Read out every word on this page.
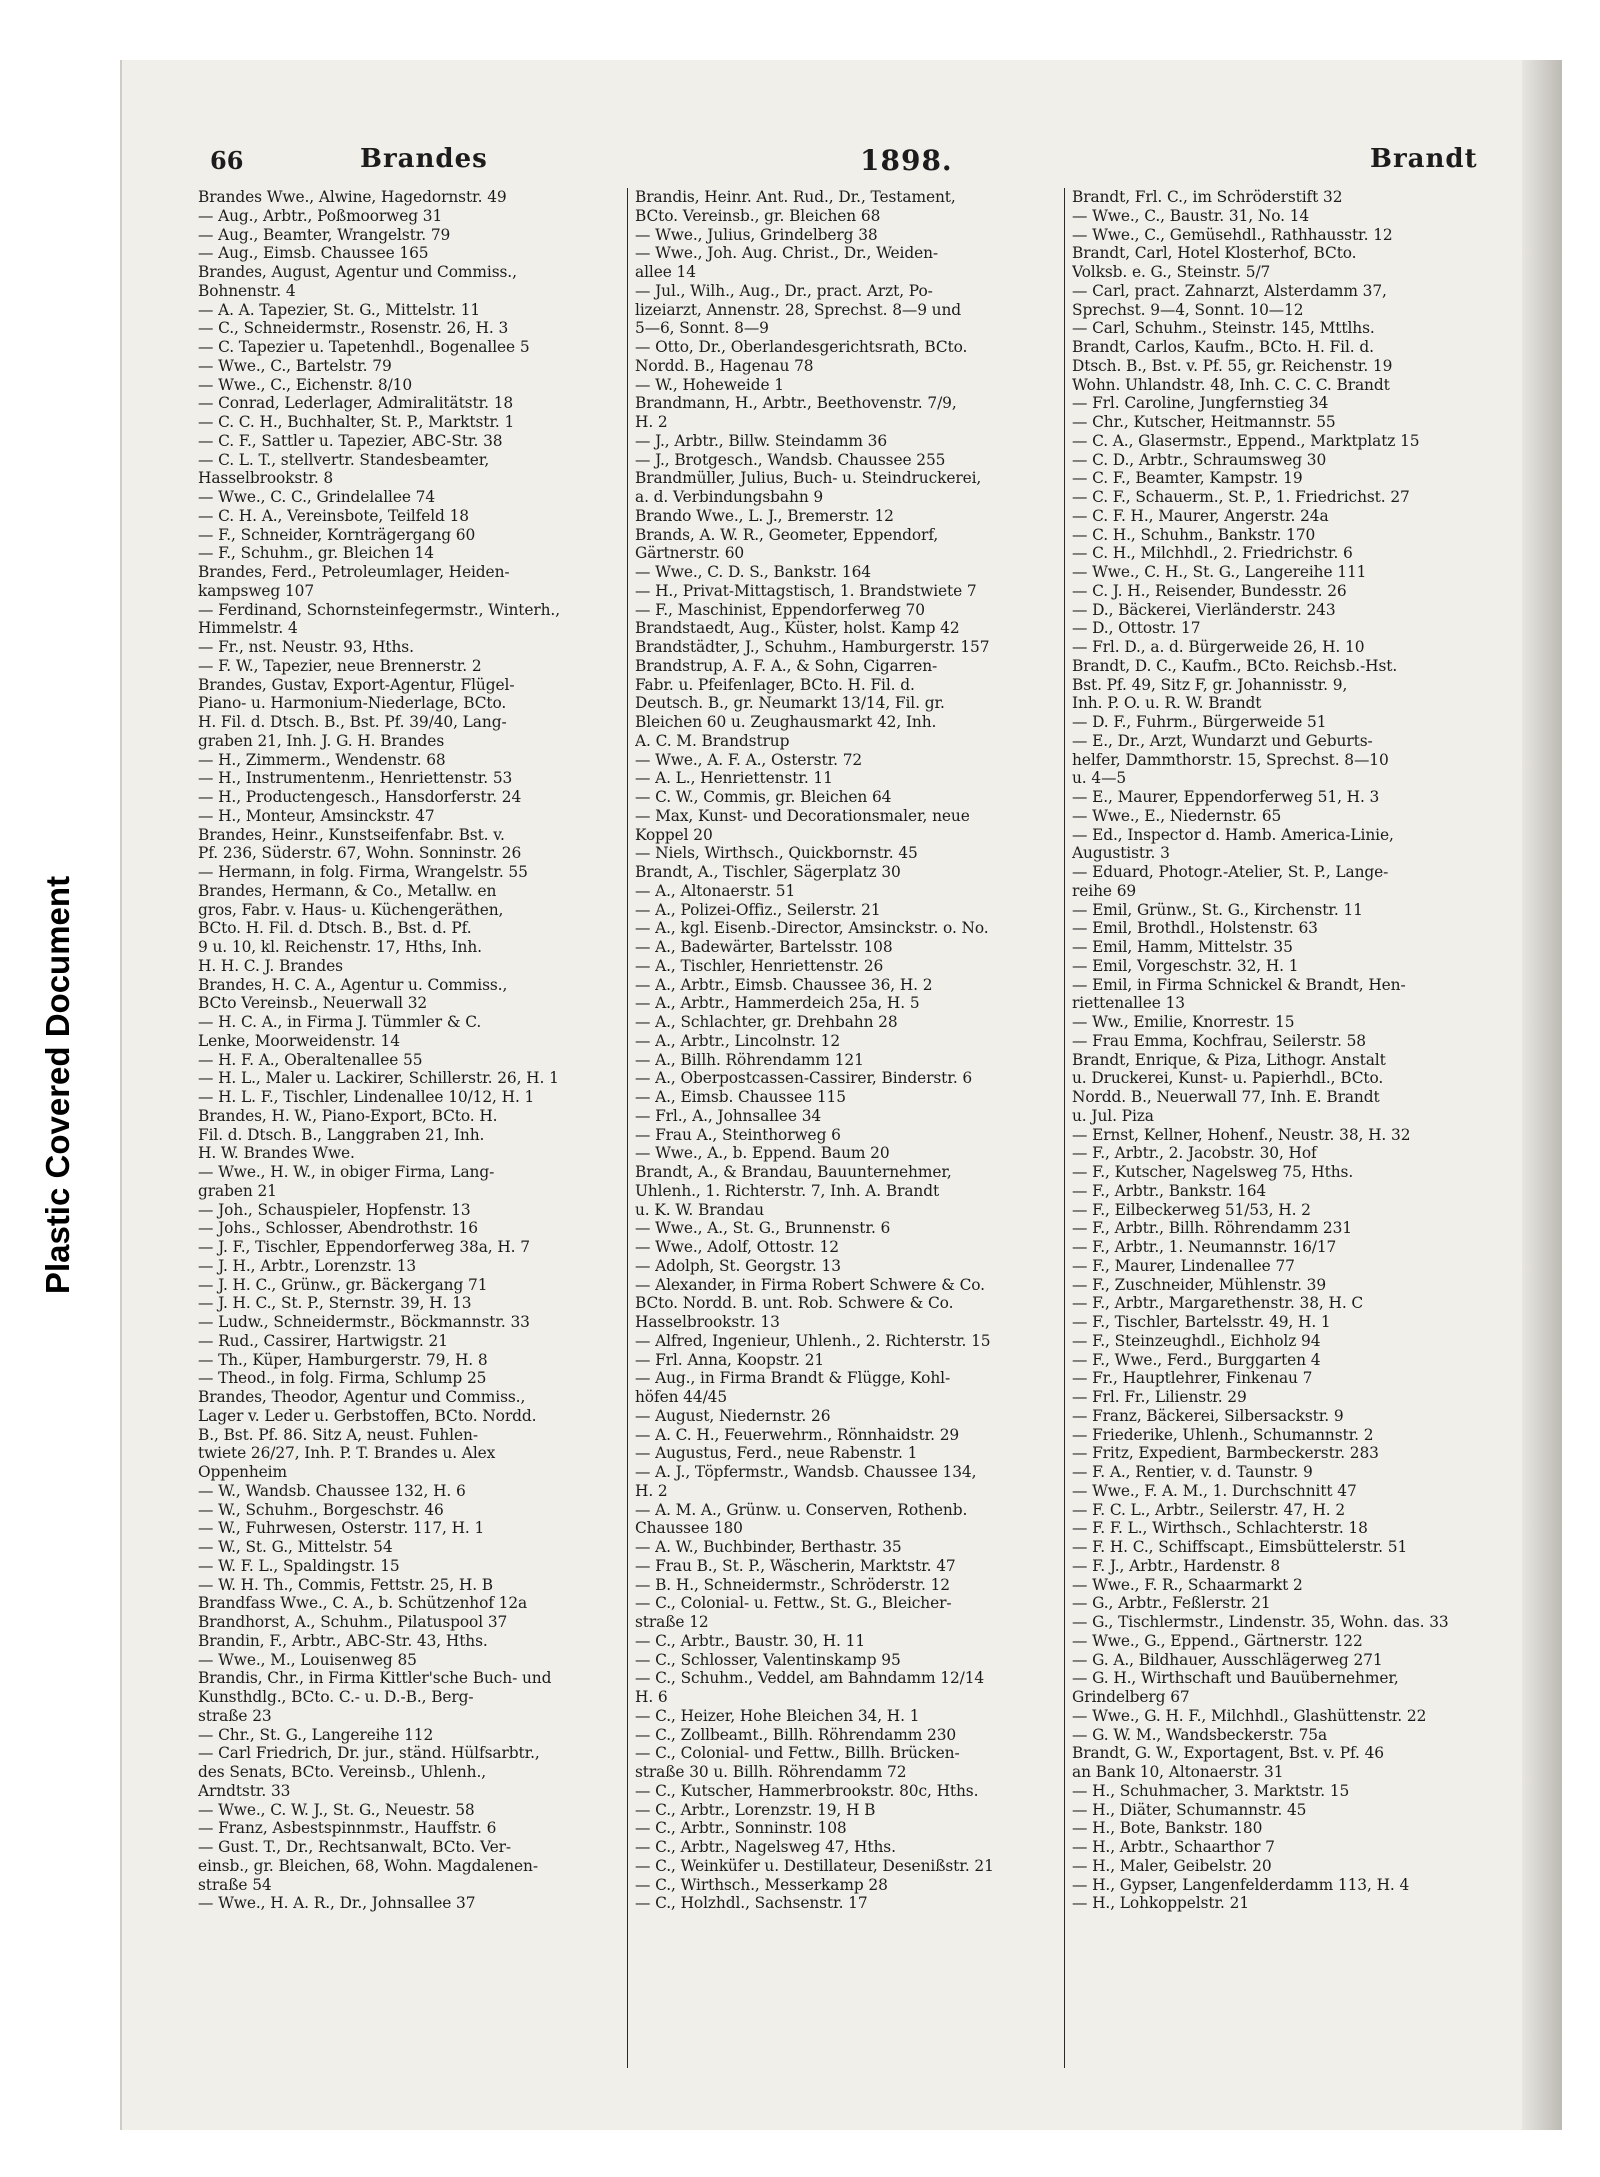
Plastic Covered Document
66	Brandes	1898.	Brandt
Brandes Wwe., Alwine, Hagedornstr. 49
— Aug., Arbtr., Poßmoorweg 31
— Aug., Beamter, Wrangelstr. 79
— Aug., Eimsb. Chaussee 165
Brandes, August, Agentur und Commiss.,
Bohnenstr. 4
— A. A. Tapezier, St. G., Mittelstr. 11
— C., Schneidermstr., Rosenstr. 26, H. 3
— C. Tapezier u. Tapetenhdl., Bogenallee 5
— Wwe., C., Bartelstr. 79
— Wwe., C., Eichenstr. 8/10
— Conrad, Lederlager, Admiralitätstr. 18
— C. C. H., Buchhalter, St. P., Marktstr. 1
— C. F., Sattler u. Tapezier, ABC-Str. 38
— C. L. T., stellvertr. Standesbeamter,
Hasselbrookstr. 8
— Wwe., C. C., Grindelallee 74
— C. H. A., Vereinsbote, Teilfeld 18
— F., Schneider, Kornträgergang 60
— F., Schuhm., gr. Bleichen 14
Brandes, Ferd., Petroleumlager, Heiden-
kampsweg 107
— Ferdinand, Schornsteinfegermstr., Winterh.,
Himmelstr. 4
— Fr., nst. Neustr. 93, Hths.
— F. W., Tapezier, neue Brennerstr. 2
Brandes, Gustav, Export-Agentur, Flügel-
Piano- u. Harmonium-Niederlage, BCto.
H. Fil. d. Dtsch. B., Bst. Pf. 39/40, Lang-
graben 21, Inh. J. G. H. Brandes
— H., Zimmerm., Wendenstr. 68
— H., Instrumentenm., Henriettenstr. 53
— H., Productengesch., Hansdorferstr. 24
— H., Monteur, Amsinckstr. 47
Brandes, Heinr., Kunstseifenfabr. Bst. v.
Pf. 236, Süderstr. 67, Wohn. Sonninstr. 26
— Hermann, in folg. Firma, Wrangelstr. 55
Brandes, Hermann, & Co., Metallw. en
gros, Fabr. v. Haus- u. Küchengeräthen,
BCto. H. Fil. d. Dtsch. B., Bst. d. Pf.
9 u. 10, kl. Reichenstr. 17, Hths, Inh.
H. H. C. J. Brandes
Brandes, H. C. A., Agentur u. Commiss.,
BCto Vereinsb., Neuerwall 32
— H. C. A., in Firma J. Tümmler & C.
Lenke, Moorweidenstr. 14
— H. F. A., Oberaltenallee 55
— H. L., Maler u. Lackirer, Schillerstr. 26, H. 1
— H. L. F., Tischler, Lindenallee 10/12, H. 1
Brandes, H. W., Piano-Export, BCto. H.
Fil. d. Dtsch. B., Langgraben 21, Inh.
H. W. Brandes Wwe.
— Wwe., H. W., in obiger Firma, Lang-
graben 21
— Joh., Schauspieler, Hopfenstr. 13
— Johs., Schlosser, Abendrothstr. 16
— J. F., Tischler, Eppendorferweg 38a, H. 7
— J. H., Arbtr., Lorenzstr. 13
— J. H. C., Grünw., gr. Bäckergang 71
— J. H. C., St. P., Sternstr. 39, H. 13
— Ludw., Schneidermstr., Böckmannstr. 33
— Rud., Cassirer, Hartwigstr. 21
— Th., Küper, Hamburgerstr. 79, H. 8
— Theod., in folg. Firma, Schlump 25
Brandes, Theodor, Agentur und Commiss.,
Lager v. Leder u. Gerbstoffen, BCto. Nordd.
B., Bst. Pf. 86. Sitz A, neust. Fuhlen-
twiete 26/27, Inh. P. T. Brandes u. Alex
Oppenheim
— W., Wandsb. Chaussee 132, H. 6
— W., Schuhm., Borgeschstr. 46
— W., Fuhrwesen, Osterstr. 117, H. 1
— W., St. G., Mittelstr. 54
— W. F. L., Spaldingstr. 15
— W. H. Th., Commis, Fettstr. 25, H. B
Brandfass Wwe., C. A., b. Schützenhof 12a
Brandhorst, A., Schuhm., Pilatuspool 37
Brandin, F., Arbtr., ABC-Str. 43, Hths.
— Wwe., M., Louisenweg 85
Brandis, Chr., in Firma Kittler'sche Buch- und
Kunsthdlg., BCto. C.- u. D.-B., Berg-
straße 23
— Chr., St. G., Langereihe 112
— Carl Friedrich, Dr. jur., ständ. Hülfsarbtr.,
des Senats, BCto. Vereinsb., Uhlenh.,
Arndtstr. 33
— Wwe., C. W. J., St. G., Neuestr. 58
— Franz, Asbestspinnmstr., Hauffstr. 6
— Gust. T., Dr., Rechtsanwalt, BCto. Ver-
einsb., gr. Bleichen, 68, Wohn. Magdalenen-
straße 54
— Wwe., H. A. R., Dr., Johnsallee 37
Brandis, Heinr. Ant. Rud., Dr., Testament,
BCto. Vereinsb., gr. Bleichen 68
— Wwe., Julius, Grindelberg 38
— Wwe., Joh. Aug. Christ., Dr., Weiden-
allee 14
— Jul., Wilh., Aug., Dr., pract. Arzt, Po-
lizeiarzt, Annenstr. 28, Sprechst. 8—9 und
5—6, Sonnt. 8—9
— Otto, Dr., Oberlandesgerichtsrath, BCto.
Nordd. B., Hagenau 78
— W., Hoheweide 1
Brandmann, H., Arbtr., Beethovenstr. 7/9,
H. 2
— J., Arbtr., Billw. Steindamm 36
— J., Brotgesch., Wandsb. Chaussee 255
Brandmüller, Julius, Buch- u. Steindruckerei,
a. d. Verbindungsbahn 9
Brando Wwe., L. J., Bremerstr. 12
Brands, A. W. R., Geometer, Eppendorf,
Gärtnerstr. 60
— Wwe., C. D. S., Bankstr. 164
— H., Privat-Mittagstisch, 1. Brandstwiete 7
— F., Maschinist, Eppendorferweg 70
Brandstaedt, Aug., Küster, holst. Kamp 42
Brandstädter, J., Schuhm., Hamburgerstr. 157
Brandstrup, A. F. A., & Sohn, Cigarren-
Fabr. u. Pfeifenlager, BCto. H. Fil. d.
Deutsch. B., gr. Neumarkt 13/14, Fil. gr.
Bleichen 60 u. Zeughausmarkt 42, Inh.
A. C. M. Brandstrup
— Wwe., A. F. A., Osterstr. 72
— A. L., Henriettenstr. 11
— C. W., Commis, gr. Bleichen 64
— Max, Kunst- und Decorationsmaler, neue
Koppel 20
— Niels, Wirthsch., Quickbornstr. 45
Brandt, A., Tischler, Sägerplatz 30
— A., Altonaerstr. 51
— A., Polizei-Offiz., Seilerstr. 21
— A., kgl. Eisenb.-Director, Amsinckstr. o. No.
— A., Badewärter, Bartelsstr. 108
— A., Tischler, Henriettenstr. 26
— A., Arbtr., Eimsb. Chaussee 36, H. 2
— A., Arbtr., Hammerdeich 25a, H. 5
— A., Schlachter, gr. Drehbahn 28
— A., Arbtr., Lincolnstr. 12
— A., Billh. Röhrendamm 121
— A., Oberpostcassen-Cassirer, Binderstr. 6
— A., Eimsb. Chaussee 115
— Frl., A., Johnsallee 34
— Frau A., Steinthorweg 6
— Wwe., A., b. Eppend. Baum 20
Brandt, A., & Brandau, Bauunternehmer,
Uhlenh., 1. Richterstr. 7, Inh. A. Brandt
u. K. W. Brandau
— Wwe., A., St. G., Brunnenstr. 6
— Wwe., Adolf, Ottostr. 12
— Adolph, St. Georgstr. 13
— Alexander, in Firma Robert Schwere & Co.
BCto. Nordd. B. unt. Rob. Schwere & Co.
Hasselbrookstr. 13
— Alfred, Ingenieur, Uhlenh., 2. Richterstr. 15
— Frl. Anna, Koopstr. 21
— Aug., in Firma Brandt & Flügge, Kohl-
höfen 44/45
— August, Niedernstr. 26
— A. C. H., Feuerwehrm., Rönnhaidstr. 29
— Augustus, Ferd., neue Rabenstr. 1
— A. J., Töpfermstr., Wandsb. Chaussee 134,
H. 2
— A. M. A., Grünw. u. Conserven, Rothenb.
Chaussee 180
— A. W., Buchbinder, Berthastr. 35
— Frau B., St. P., Wäscherin, Marktstr. 47
— B. H., Schneidermstr., Schröderstr. 12
— C., Colonial- u. Fettw., St. G., Bleicher-
straße 12
— C., Arbtr., Baustr. 30, H. 11
— C., Schlosser, Valentinskamp 95
— C., Schuhm., Veddel, am Bahndamm 12/14
H. 6
— C., Heizer, Hohe Bleichen 34, H. 1
— C., Zollbeamt., Billh. Röhrendamm 230
— C., Colonial- und Fettw., Billh. Brücken-
straße 30 u. Billh. Röhrendamm 72
— C., Kutscher, Hammerbrookstr. 80c, Hths.
— C., Arbtr., Lorenzstr. 19, H B
— C., Arbtr., Sonninstr. 108
— C., Arbtr., Nagelsweg 47, Hths.
— C., Weinküfer u. Destillateur, Desenißstr. 21
— C., Wirthsch., Messerkamp 28
— C., Holzhdl., Sachsenstr. 17
Brandt, Frl. C., im Schröderstift 32
— Wwe., C., Baustr. 31, No. 14
— Wwe., C., Gemüsehdl., Rathhausstr. 12
Brandt, Carl, Hotel Klosterhof, BCto.
Volksb. e. G., Steinstr. 5/7
— Carl, pract. Zahnarzt, Alsterdamm 37,
Sprechst. 9—4, Sonnt. 10—12
— Carl, Schuhm., Steinstr. 145, Mttlhs.
Brandt, Carlos, Kaufm., BCto. H. Fil. d.
Dtsch. B., Bst. v. Pf. 55, gr. Reichenstr. 19
Wohn. Uhlandstr. 48, Inh. C. C. C. Brandt
— Frl. Caroline, Jungfernstieg 34
— Chr., Kutscher, Heitmannstr. 55
— C. A., Glasermstr., Eppend., Marktplatz 15
— C. D., Arbtr., Schraumsweg 30
— C. F., Beamter, Kampstr. 19
— C. F., Schauerm., St. P., 1. Friedrichst. 27
— C. F. H., Maurer, Angerstr. 24a
— C. H., Schuhm., Bankstr. 170
— C. H., Milchhdl., 2. Friedrichstr. 6
— Wwe., C. H., St. G., Langereihe 111
— C. J. H., Reisender, Bundesstr. 26
— D., Bäckerei, Vierländerstr. 243
— D., Ottostr. 17
— Frl. D., a. d. Bürgerweide 26, H. 10
Brandt, D. C., Kaufm., BCto. Reichsb.-Hst.
Bst. Pf. 49, Sitz F, gr. Johannisstr. 9,
Inh. P. O. u. R. W. Brandt
— D. F., Fuhrm., Bürgerweide 51
— E., Dr., Arzt, Wundarzt und Geburts-
helfer, Dammthorstr. 15, Sprechst. 8—10
u. 4—5
— E., Maurer, Eppendorferweg 51, H. 3
— Wwe., E., Niedernstr. 65
— Ed., Inspector d. Hamb. America-Linie,
Augustistr. 3
— Eduard, Photogr.-Atelier, St. P., Lange-
reihe 69
— Emil, Grünw., St. G., Kirchenstr. 11
— Emil, Brothdl., Holstenstr. 63
— Emil, Hamm, Mittelstr. 35
— Emil, Vorgeschstr. 32, H. 1
— Emil, in Firma Schnickel & Brandt, Hen-
riettenallee 13
— Ww., Emilie, Knorrestr. 15
— Frau Emma, Kochfrau, Seilerstr. 58
Brandt, Enrique, & Piza, Lithogr. Anstalt
u. Druckerei, Kunst- u. Papierhdl., BCto.
Nordd. B., Neuerwall 77, Inh. E. Brandt
u. Jul. Piza
— Ernst, Kellner, Hohenf., Neustr. 38, H. 32
— F., Arbtr., 2. Jacobstr. 30, Hof
— F., Kutscher, Nagelsweg 75, Hths.
— F., Arbtr., Bankstr. 164
— F., Eilbeckerweg 51/53, H. 2
— F., Arbtr., Billh. Röhrendamm 231
— F., Arbtr., 1. Neumannstr. 16/17
— F., Maurer, Lindenallee 77
— F., Zuschneider, Mühlenstr. 39
— F., Arbtr., Margarethenstr. 38, H. C
— F., Tischler, Bartelsstr. 49, H. 1
— F., Steinzeughdl., Eichholz 94
— F., Wwe., Ferd., Burggarten 4
— Fr., Hauptlehrer, Finkenau 7
— Frl. Fr., Lilienstr. 29
— Franz, Bäckerei, Silbersackstr. 9
— Friederike, Uhlenh., Schumannstr. 2
— Fritz, Expedient, Barmbeckerstr. 283
— F. A., Rentier, v. d. Taunstr. 9
— Wwe., F. A. M., 1. Durchschnitt 47
— F. C. L., Arbtr., Seilerstr. 47, H. 2
— F. F. L., Wirthsch., Schlachterstr. 18
— F. H. C., Schiffscapt., Eimsbüttelerstr. 51
— F. J., Arbtr., Hardenstr. 8
— Wwe., F. R., Schaarmarkt 2
— G., Arbtr., Feßlerstr. 21
— G., Tischlermstr., Lindenstr. 35, Wohn. das. 33
— Wwe., G., Eppend., Gärtnerstr. 122
— G. A., Bildhauer, Ausschlägerweg 271
— G. H., Wirthschaft und Bauübernehmer,
Grindelberg 67
— Wwe., G. H. F., Milchhdl., Glashüttenstr. 22
— G. W. M., Wandsbeckerstr. 75a
Brandt, G. W., Exportagent, Bst. v. Pf. 46
an Bank 10, Altonaerstr. 31
— H., Schuhmacher, 3. Marktstr. 15
— H., Diäter, Schumannstr. 45
— H., Bote, Bankstr. 180
— H., Arbtr., Schaarthor 7
— H., Maler, Geibelstr. 20
— H., Gypser, Langenfelderdamm 113, H. 4
— H., Lohkoppelstr. 21
